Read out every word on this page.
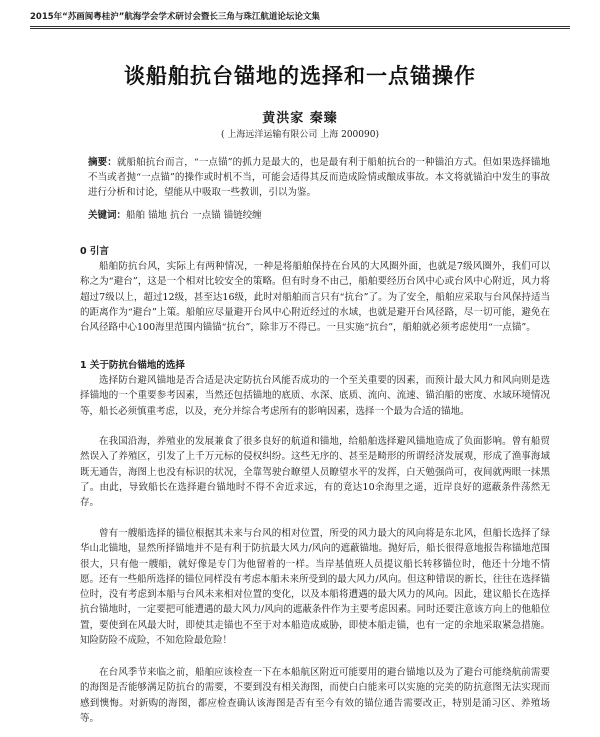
2015年“苏画闽粤桂沪”航海学会学术研讨会暨长三角与珠江航道论坛论文集
谈船舶抗台锚地的选择和一点锚操作
黄洪家 秦臻
( 上海远洋运输有限公司 上海 200090)
摘要：就船舶抗台而言，“一点锚”的抓力是最大的，也是最有利于船舶抗台的一种锚泊方式。但如果选择锚地不当或者抛“一点锚”的操作或时机不当，可能会适得其反而造成险情或酿成事故。本文将就锚泊中发生的事故进行分析和讨论，望能从中吸取一些教训，引以为鉴。
关键词：船舶 锚地 抗台 一点锚 锚链绞缠
0 引言
船舶防抗台风，实际上有两种情况，一种是将船舶保持在台风的大风圈外面，也就是7级风圈外，我们可以称之为“避台”，这是一个相对比较安全的策略。但有时身不由己，船舶要经历台风中心或台风中心附近，风力将超过7级以上，超过12级，甚至达16级，此时对船舶而言只有“抗台”了。为了安全，船舶应采取与台风保持适当的距离作为“避台”上策。船舶应尽量避开台风中心附近经过的水域，也就是避开台风径路，尽一切可能，避免在台风径路中心100海里范围内锚锚“抗台”，除非万不得已。一旦实施“抗台”，船舶就必须考虑使用“一点锚”。
1 关于防抗台锚地的选择
选择防台避风锚地是否合适是决定防抗台风能否成功的一个至关重要的因素，而预计最大风力和风向则是选择锚地的一个重要参考因素，当然还包括锚地的底质、水深、底质、流向、流速、锚泊船的密度、水域环境情况等，船长必须慎重考虑，以及，充分并综合考虑所有的影响因素，选择一个最为合适的锚地。
在我国沿海，养殖业的发展兼食了很多良好的航道和锚地，给船舶选择避风锚地造成了负面影响。曾有船贸然误入了养殖区，引发了上千万元标的侵权纠纷。这些无序的、甚至是畸形的所谓经济发展观，形成了渔事海域既无通告，海图上也没有标识的状况，全靠驾驶台瞭望人员瞭望水平的发挥，白天勉强尚可，夜间就两眼一抹黑了。由此，导致船长在选择避台锚地时不得不舍近求远，有的竟达10余海里之遥，近岸良好的遮蔽条件荡然无存。
曾有一艘船选择的锚位根据其未来与台风的相对位置，所受的风力最大的风向将是东北风，但船长选择了绿华山北锚地，显然所择锚地并不是有利于防抗最大风力/风向的遮蔽锚地。抛好后，船长很得意地报告称锚地范围很大，只有他一艘船，就好像是专门为他留着的一样。当岸基值班人员提议船长转移锚位时，他还十分地不情愿。还有一些船所选择的锚位同样没有考虑本船未来所受到的最大风力/风向。但这种错误的新长，往往在选择锚位时，没有考虑到本船与台风未来相对位置的变化，以及本船将遭遇的最大风力的风向。因此，建议船长在选择抗台锚地时，一定要把可能遭遇的最大风力/风向的遮蔽条件作为主要考虑因素。同时还要注意该方向上的他船位置，要使到在风最大时，即使其走锚也不至于对本船造成威胁，即使本船走锚，也有一定的余地采取紧急措施。知险防险不成险，不知危险最危险！
在台风季节来临之前，船舶应该检查一下在本船航区附近可能要用的避台锚地以及为了避台可能绕航前需要的海图是否能够满足防抗台的需要，不要到没有相关海图，而使白白能来可以实施的完美的防抗意图无法实现而感到懊悔。对新购的海图，都应检查确认该海图是否有至今有效的锚位通告需要改正，特别是涌习区、养殖场等。
